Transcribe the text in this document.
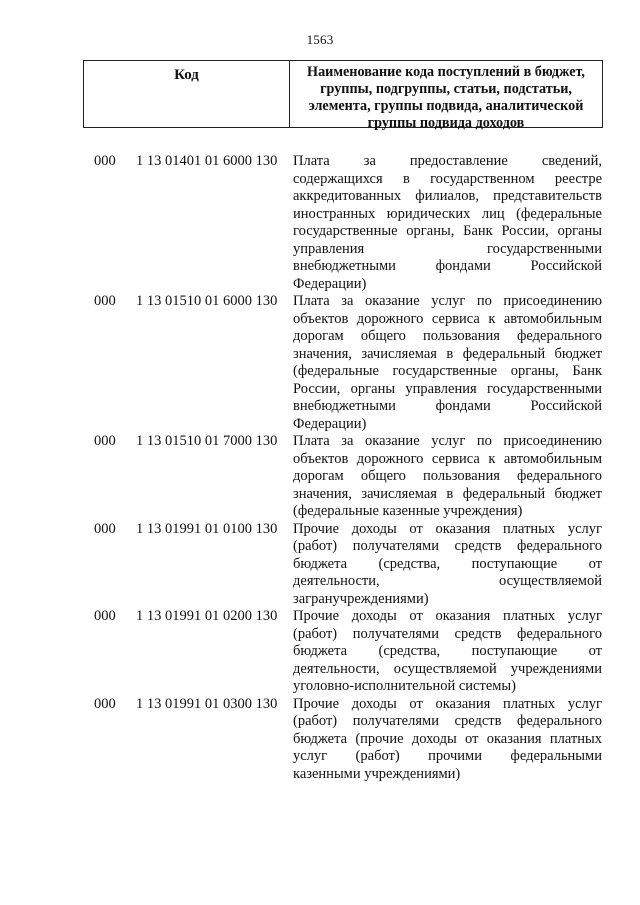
1563
Код	Наименование кода поступлений в бюджет,
группы, подгруппы, статьи, подстатьи,
элемента, группы подвида, аналитической
группы подвида доходов
000 1 13 01401 01 6000 130 Плата за предоставление сведений,
содержащихся в государственном реестре
аккредитованных филиалов, представительств
иностранных юридических лиц (федеральные
государственные органы, Банк России, органы
управления государственными
внебюджетными фондами Российской
Федерации)
000 1 13 01510 01 6000 130 Плата за оказание услуг по присоединению
объектов дорожного сервиса к автомобильным
дорогам общего пользования федерального
значения, зачисляемая в федеральный бюджет
(федеральные государственные органы, Банк
России, органы управления государственными
внебюджетными фондами Российской
Федерации)
000 1 13 01510 01 7000 130 Плата за оказание услуг по присоединению
объектов дорожного сервиса к автомобильным
дорогам общего пользования федерального
значения, зачисляемая в федеральный бюджет
(федеральные казенные учреждения)
000 1 13 01991 01 0100 130 Прочие доходы от оказания платных услуг
(работ) получателями средств федерального
бюджета (средства, поступающие от
деятельности, осуществляемой
загранучреждениями)
000 1 13 01991 01 0200 130 Прочие доходы от оказания платных услуг
(работ) получателями средств федерального
бюджета (средства, поступающие от
деятельности, осуществляемой учреждениями
уголовно-исполнительной системы)
000 1 13 01991 01 0300 130 Прочие доходы от оказания платных услуг
(работ) получателями средств федерального
бюджета (прочие доходы от оказания платных
услуг (работ) прочими федеральными
казенными учреждениями)
